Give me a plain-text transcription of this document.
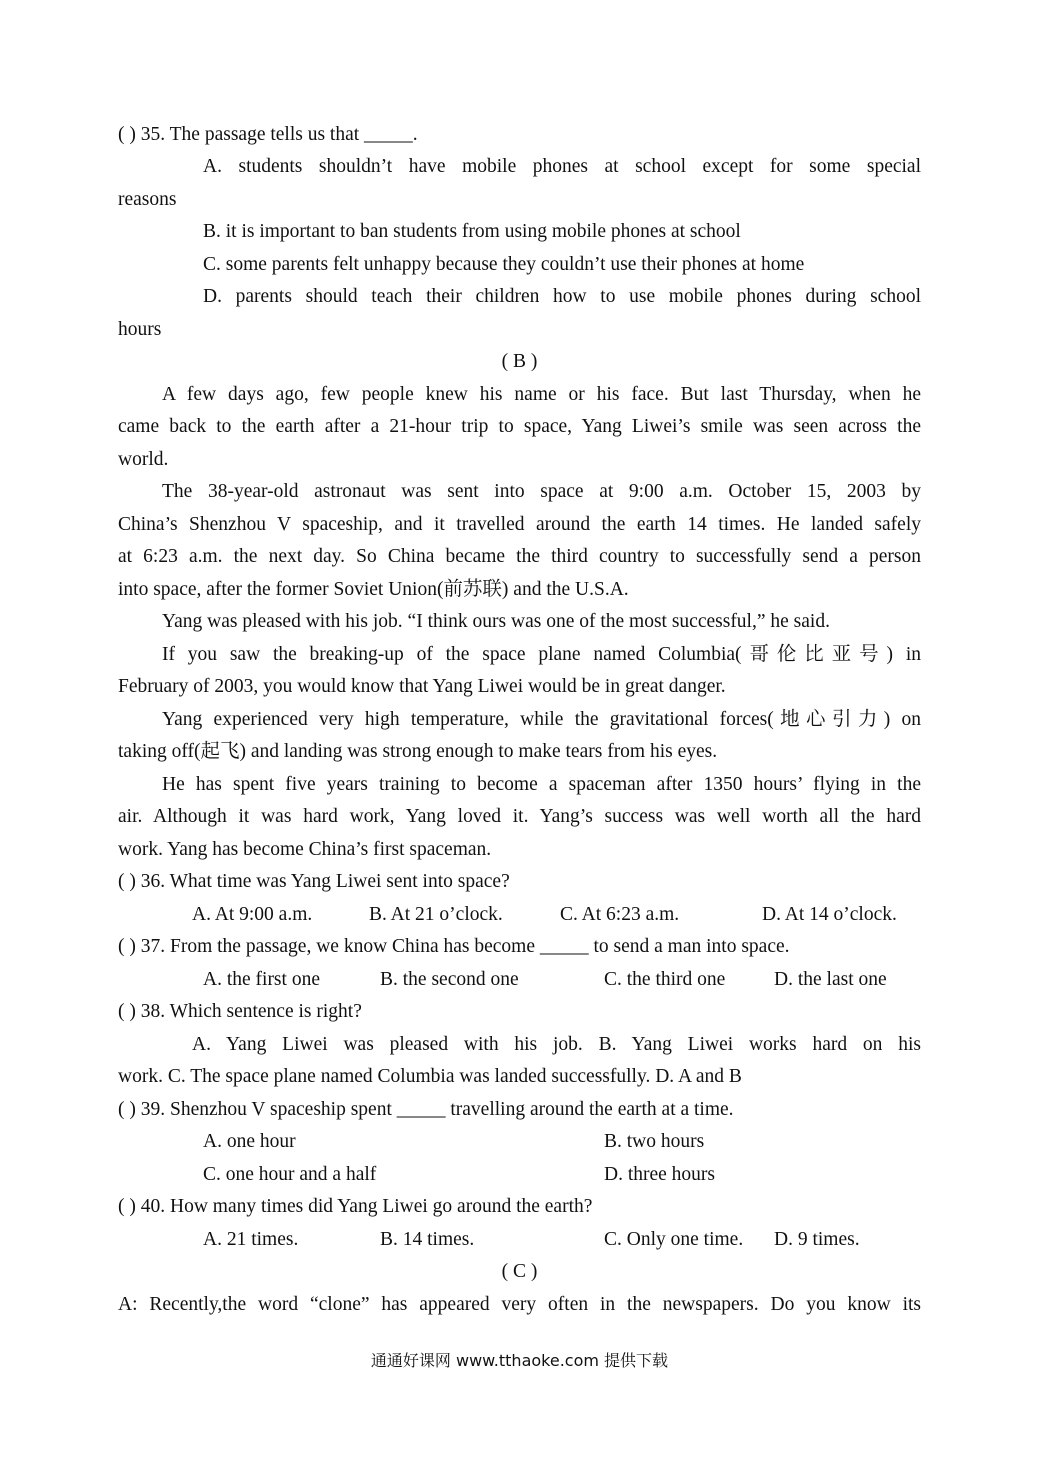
( ) 35. The passage tells us that _____.
A. students shouldn’t have mobile phones at school except for some special
reasons
B. it is important to ban students from using mobile phones at school
C. some parents felt unhappy because they couldn’t use their phones at home
D. parents should teach their children how to use mobile phones during school
hours
( B )
A few days ago, few people knew his name or his face. But last Thursday, when he
came back to the earth after a 21-hour trip to space, Yang Liwei’s smile was seen across the
world.
The 38-year-old astronaut was sent into space at 9:00 a.m. October 15, 2003 by
China’s Shenzhou V spaceship, and it travelled around the earth 14 times. He landed safely
at 6:23 a.m. the next day. So China became the third country to successfully send a person
into space, after the former Soviet Union(前苏联) and the U.S.A.
Yang was pleased with his job. “I think ours was one of the most successful,” he said.
If you saw the breaking-up of the space plane named Columbia(哥伦比亚号) in
February of 2003, you would know that Yang Liwei would be in great danger.
Yang experienced very high temperature, while the gravitational forces(地心引力) on
taking off(起飞) and landing was strong enough to make tears from his eyes.
He has spent five years training to become a spaceman after 1350 hours’ flying in the
air. Although it was hard work, Yang loved it. Yang’s success was well worth all the hard
work. Yang has become China’s first spaceman.
( ) 36. What time was Yang Liwei sent into space?
A. At 9:00 a.m.	B. At 21 o’clock.	C. At 6:23 a.m.	D. At 14 o’clock.
( ) 37. From the passage, we know China has become _____ to send a man into space.
A. the first one	B. the second one	C. the third one D. the last one
( ) 38. Which sentence is right?
A. Yang Liwei was pleased with his job. B. Yang Liwei works hard on his
work. C. The space plane named Columbia was landed successfully. D. A and B
( ) 39. Shenzhou V spaceship spent _____ travelling around the earth at a time.
A. one hour	B. two hours
C. one hour and a half	D. three hours
( ) 40. How many times did Yang Liwei go around the earth?
A. 21 times.	B. 14 times.	C. Only one time. D. 9 times.
( C )
A: Recently,the word “clone” has appeared very often in the newspapers. Do you know its
通通好课网 www.tthaoke.com 提供下载
